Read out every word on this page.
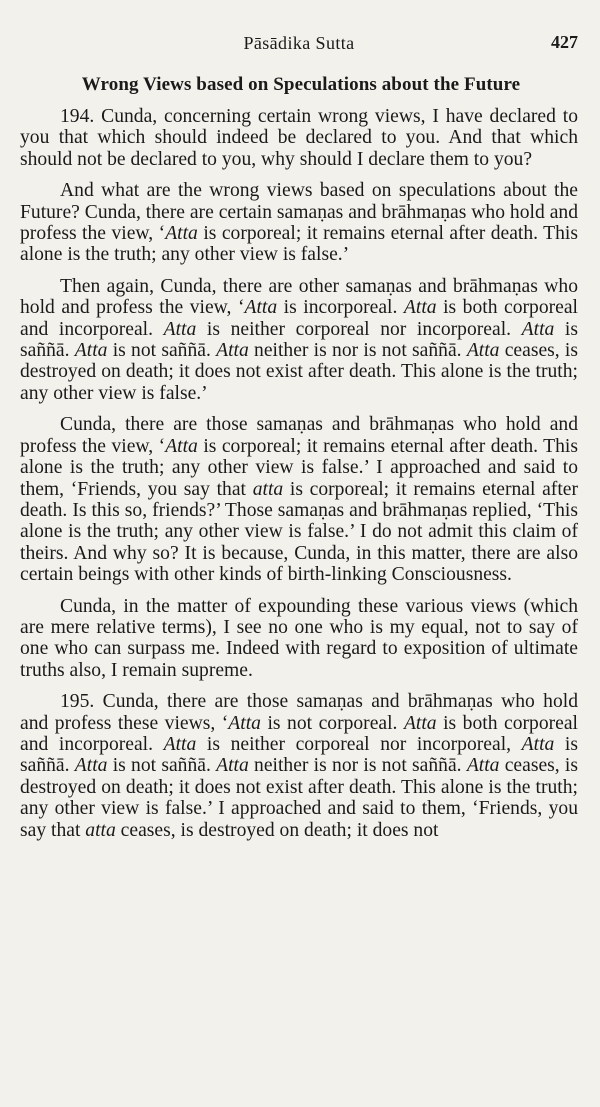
Pāsādika Sutta	427
Wrong Views based on Speculations about the Future

194. Cunda, concerning certain wrong views, I have declared to you that which should indeed be declared to you. And that which should not be declared to you, why should I declare them to you?

And what are the wrong views based on speculations about the Future? Cunda, there are certain samaṇas and brāhmaṇas who hold and profess the view, ‘Atta is corporeal; it remains eternal after death. This alone is the truth; any other view is false.’

Then again, Cunda, there are other samaṇas and brāhmaṇas who hold and profess the view, ‘Atta is incorporeal. Atta is both corporeal and incorporeal. Atta is neither corporeal nor incorporeal. Atta is saññā. Atta is not saññā. Atta neither is nor is not saññā. Atta ceases, is destroyed on death; it does not exist after death. This alone is the truth; any other view is false.’

Cunda, there are those samaṇas and brāhmaṇas who hold and profess the view, ‘Atta is corporeal; it remains eternal after death. This alone is the truth; any other view is false.’ I approached and said to them, ‘Friends, you say that atta is corporeal; it remains eternal after death. Is this so, friends?’ Those samaṇas and brāhmaṇas replied, ‘This alone is the truth; any other view is false.’ I do not admit this claim of theirs. And why so? It is because, Cunda, in this matter, there are also certain beings with other kinds of birth-linking Consciousness.

Cunda, in the matter of expounding these various views (which are mere relative terms), I see no one who is my equal, not to say of one who can surpass me. Indeed with regard to exposition of ultimate truths also, I remain supreme.

195. Cunda, there are those samaṇas and brāhmaṇas who hold and profess these views, ‘Atta is not corporeal. Atta is both corporeal and incorporeal. Atta is neither corporeal nor incorporeal, Atta is saññā. Atta is not saññā. Atta neither is nor is not saññā. Atta ceases, is destroyed on death; it does not exist after death. This alone is the truth; any other view is false.’ I approached and said to them, ‘Friends, you say that atta ceases, is destroyed on death; it does not
